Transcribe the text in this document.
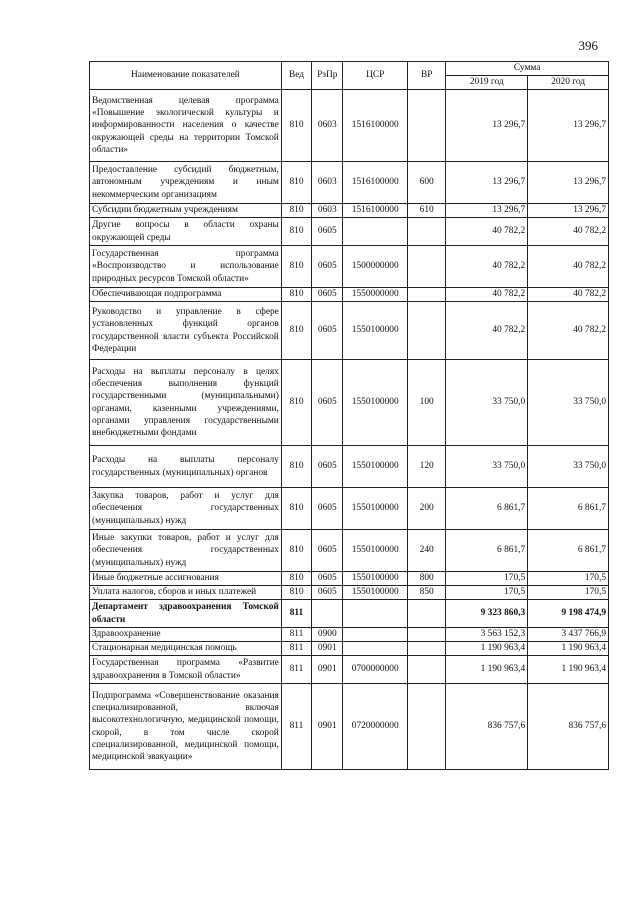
396
Наименование показателей	Вед	РзПр	ЦСР	ВР	Сумма	
					2019 год	2020 год
Ведомственная целевая программа «Повышение экологической культуры и информированности населения о качестве окружающей среды на территории Томской области»	810	0603	1516100000		13 296,7	13 296,7
Предоставление субсидий бюджетным, автономным учреждениям и иным некоммерческим организациям	810	0603	1516100000	600	13 296,7	13 296,7
Субсидии бюджетным учреждениям	810	0603	1516100000	610	13 296,7	13 296,7
Другие вопросы в области охраны окружающей среды	810	0605			40 782,2	40 782,2
Государственная программа «Воспроизводство и использование природных ресурсов Томской области»	810	0605	1500000000		40 782,2	40 782,2
Обеспечивающая подпрограмма	810	0605	1550000000		40 782,2	40 782,2
Руководство и управление в сфере установленных функций органов государственной власти субъекта Российской Федерации	810	0605	1550100000		40 782,2	40 782,2
Расходы на выплаты персоналу в целях обеспечения выполнения функций государственными (муниципальными) органами, казенными учреждениями, органами управления государственными внебюджетными фондами	810	0605	1550100000	100	33 750,0	33 750,0
Расходы на выплаты персоналу государственных (муниципальных) органов	810	0605	1550100000	120	33 750,0	33 750,0
Закупка товаров, работ и услуг для обеспечения государственных (муниципальных) нужд	810	0605	1550100000	200	6 861,7	6 861,7
Иные закупки товаров, работ и услуг для обеспечения государственных (муниципальных) нужд	810	0605	1550100000	240	6 861,7	6 861,7
Иные бюджетные ассигнования	810	0605	1550100000	800	170,5	170,5
Уплата налогов, сборов и иных платежей	810	0605	1550100000	850	170,5	170,5
Департамент здравоохранения Томской области	811				9 323 860,3	9 198 474,9
Здравоохранение	811	0900			3 563 152,3	3 437 766,9
Стационарная медицинская помощь	811	0901			1 190 963,4	1 190 963,4
Государственная программа «Развитие здравоохранения в Томской области»	811	0901	0700000000		1 190 963,4	1 190 963,4
Подпрограмма «Совершенствование оказания специализированной, включая высокотехнологичную, медицинской помощи, скорой, в том числе скорой специализированной, медицинской помощи, медицинской эвакуации»	811	0901	0720000000		836 757,6	836 757,6
